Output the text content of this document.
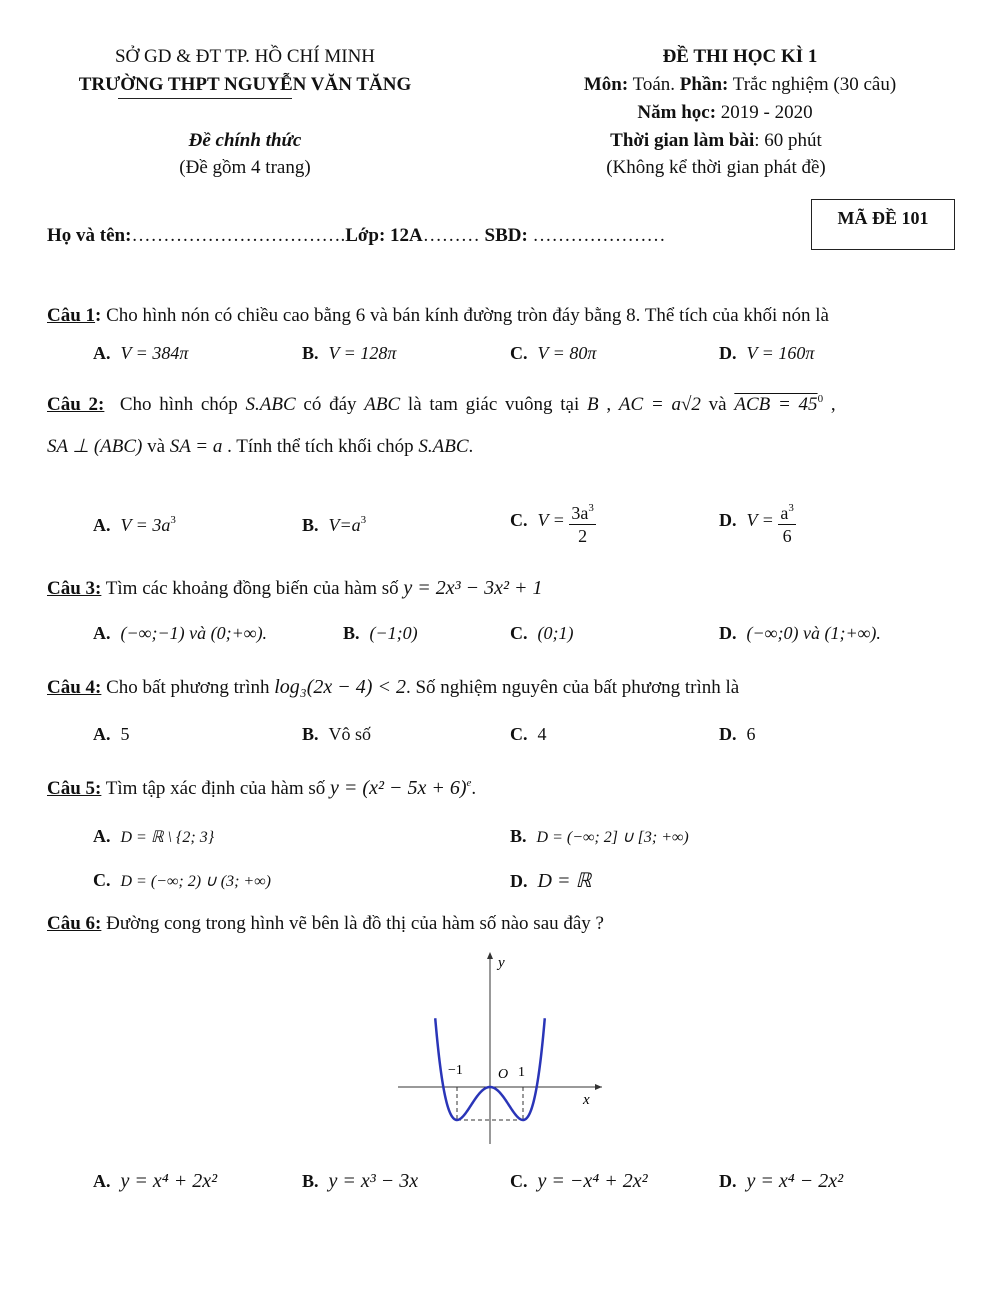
SỞ GD & ĐT TP. HỒ CHÍ MINH
TRƯỜNG THPT NGUYỄN VĂN TĂNG
Đề chính thức
(Đề gồm 4 trang)
ĐỀ THI HỌC KÌ 1
Môn: Toán. Phần: Trắc nghiệm (30 câu)
Năm học: 2019 - 2020
Thời gian làm bài: 60 phút
(Không kể thời gian phát đề)
Họ và tên:…………………………….Lớp: 12A……… SBD: …………………
MÃ ĐỀ 101
Câu 1: Cho hình nón có chiều cao bằng 6 và bán kính đường tròn đáy bằng 8. Thể tích của khối nón là
A. V = 384π	B. V = 128π	C. V = 80π	D. V = 160π
Câu 2: Cho hình chóp S.ABC có đáy ABC là tam giác vuông tại B , AC = a√2 và ACB = $45^0$ ,
SA ⊥ (ABC) và SA = a . Tính thể tích khối chóp S.ABC.
A. $V = 3a^3$	B. $V=a^3$	C. $V = \frac{3a^3}{2}$	D. $V = \frac{a^3}{6}$
Câu 3: Tìm các khoảng đồng biến của hàm số y = 2x³ − 3x² + 1
A. (−∞;−1) và (0;+∞).	B. (−1;0)	C. (0;1)	D. (−∞;0) và (1;+∞).
Câu 4: Cho bất phương trình log₃(2x − 4) < 2. Số nghiệm nguyên của bất phương trình là
A. 5	B. Vô số	C. 4	D. 6
Câu 5: Tìm tập xác định của hàm số $y = (x^2 - 5x + 6)^e$.
A. D = ℝ \ {2; 3}	B. D = (−∞; 2] ∪ [3; +∞)
C. D = (−∞; 2) ∪ (3; +∞)	D. D = ℝ
Câu 6: Đường cong trong hình vẽ bên là đồ thị của hàm số nào sau đây ?
y
x
O
−1	1
A. y = x⁴ + 2x²	B. y = x³ − 3x	C. y = −x⁴ + 2x²	D. y = x⁴ − 2x²
